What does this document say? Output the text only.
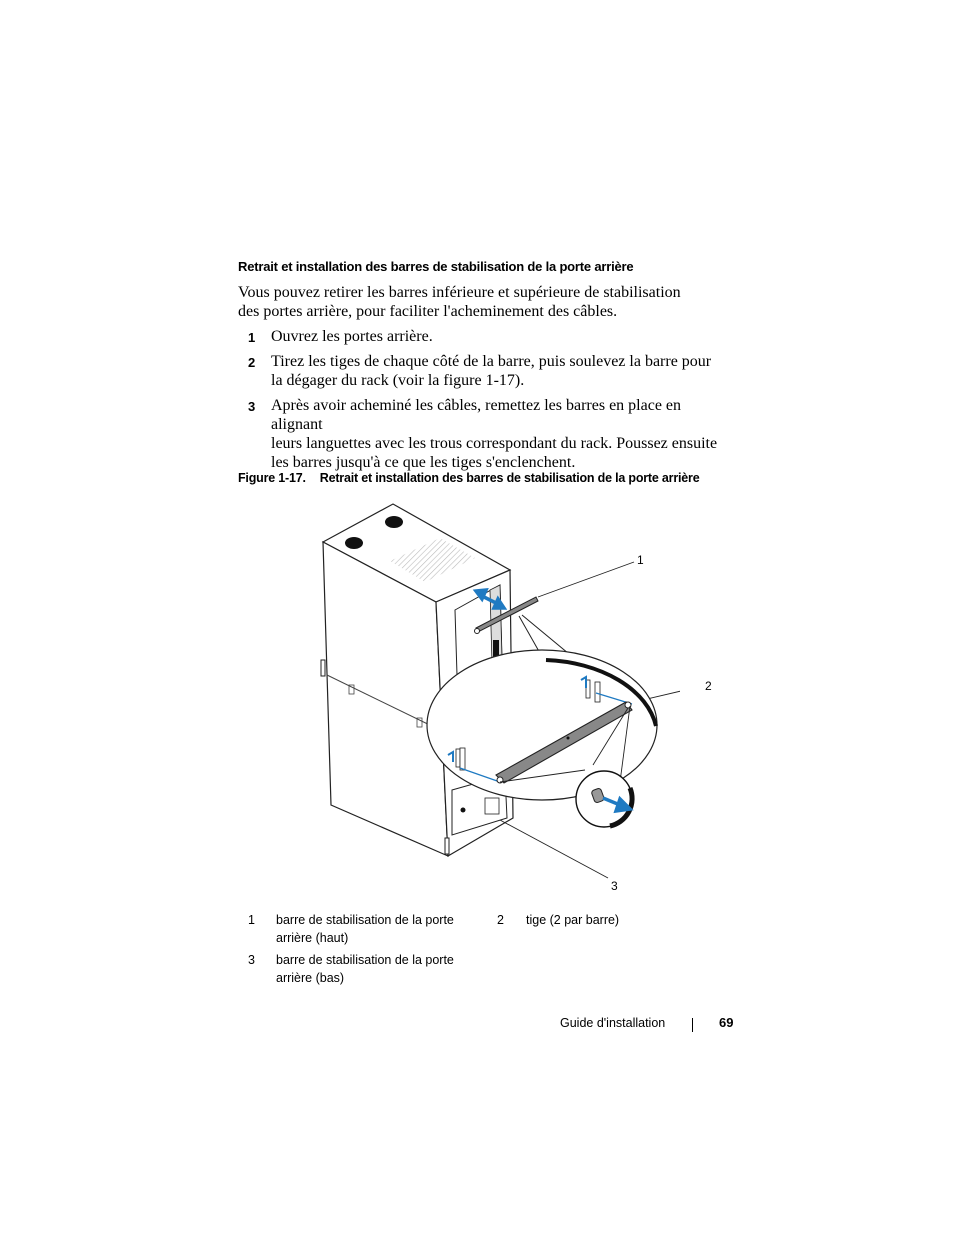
Retrait et installation des barres de stabilisation de la porte arrière
Vous pouvez retirer les barres inférieure et supérieure de stabilisation
des portes arrière, pour faciliter l'acheminement des câbles.
1 Ouvrez les portes arrière.
2 Tirez les tiges de chaque côté de la barre, puis soulevez la barre pour
la dégager du rack (voir la figure 1-17).
3 Après avoir acheminé les câbles, remettez les barres en place en alignant
leurs languettes avec les trous correspondant du rack. Poussez ensuite
les barres jusqu'à ce que les tiges s'enclenchent.
Figure 1-17. Retrait et installation des barres de stabilisation de la porte arrière
1
2
3
1 barre de stabilisation de la porte
arrière (haut)
2 tige (2 par barre)
3 barre de stabilisation de la porte
arrière (bas)
Guide d'installation	69
